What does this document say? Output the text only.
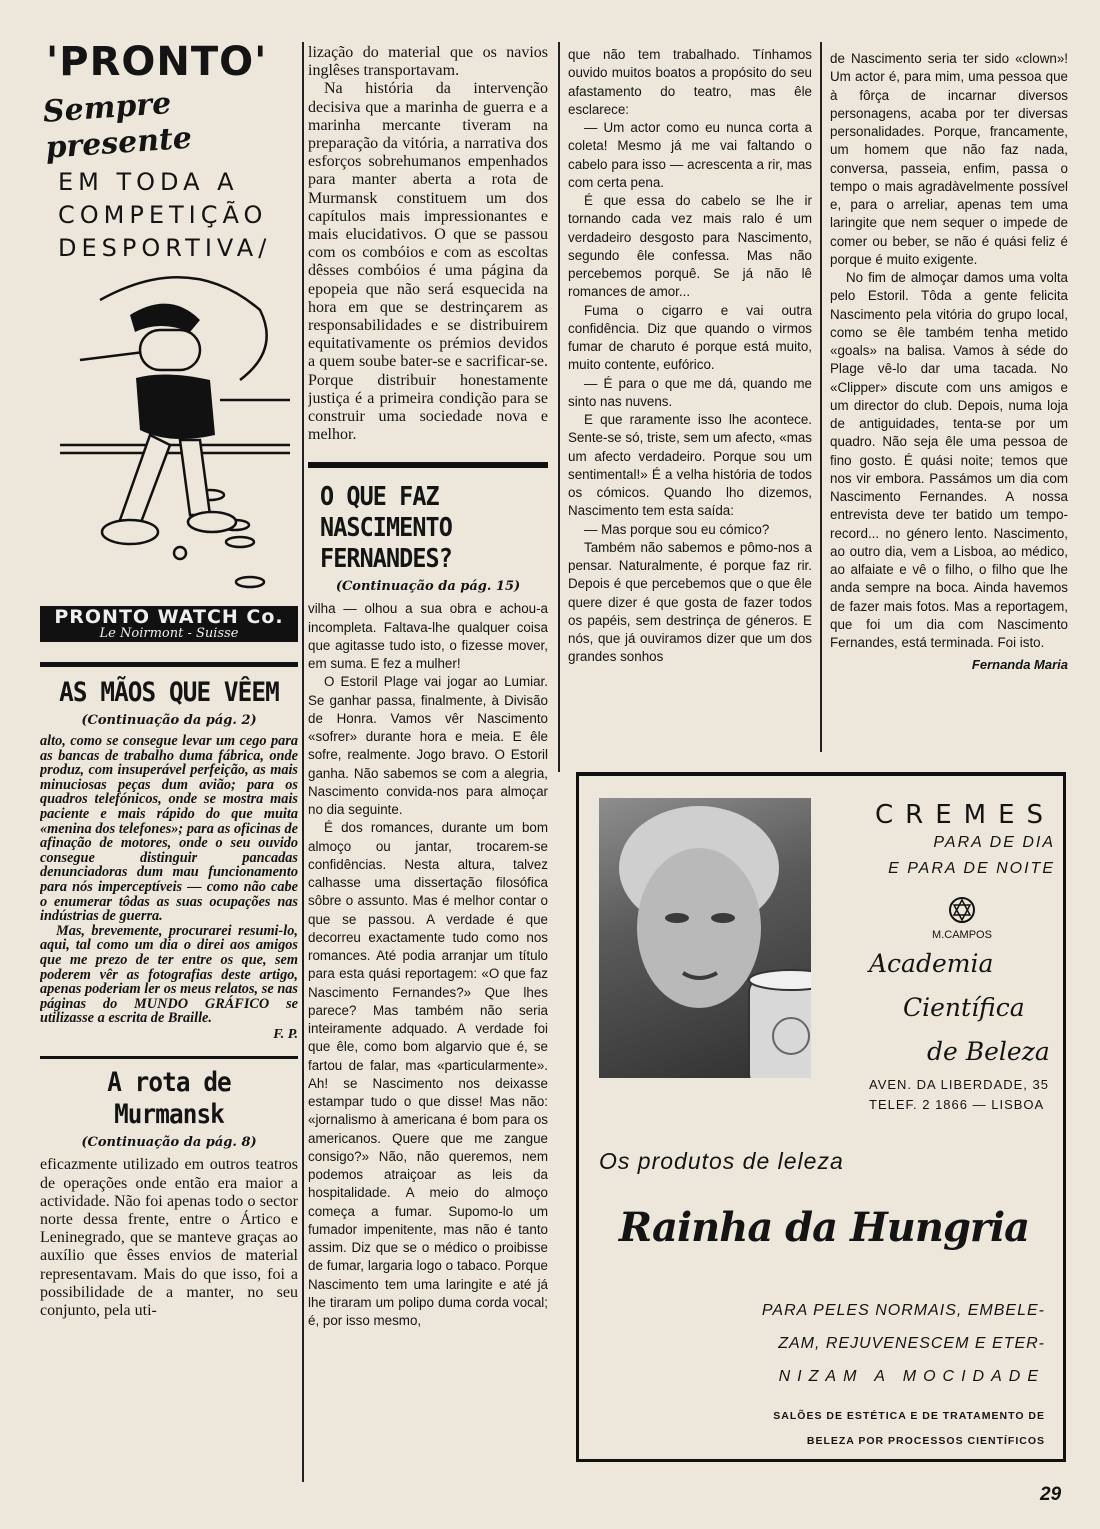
'PRONTO'
Sempre presente
EM TODA A
COMPETIÇÃO
DESPORTIVA/
PRONTO WATCH Co.
Le Noirmont - Suisse
AS MÃOS QUE VÊEM
(Continuação da pág. 2)

alto, como se consegue levar um cego para as bancas de trabalho duma fábrica, onde produz, com insuperável perfeição, as mais minuciosas peças dum avião; para os quadros telefónicos, onde se mostra mais paciente e mais rápido do que muita «menina dos telefones»; para as oficinas de afinação de motores, onde o seu ouvido consegue distinguir pancadas denunciadoras dum mau funcionamento para nós imperceptíveis — como não cabe o enumerar tôdas as suas ocupações nas indústrias de guerra.

Mas, brevemente, procurarei resumi-lo, aqui, tal como um dia o direi aos amigos que me prezo de ter entre os que, sem poderem vêr as fotografias deste artigo, apenas poderiam ler os meus relatos, se nas páginas do MUNDO GRÁFICO se utilizasse a escrita de Braille.

F. P.
A rota de Murmansk
(Continuação da pág. 8)

eficazmente utilizado em outros teatros de operações onde então era maior a actividade. Não foi apenas todo o sector norte dessa frente, entre o Ártico e Leninegrado, que se manteve graças ao auxílio que êsses envios de material representavam. Mais do que isso, foi a possibilidade de a manter, no seu conjunto, pela uti-

lização do material que os navios inglêses transportavam.

Na história da intervenção decisiva que a marinha de guerra e a marinha mercante tiveram na preparação da vitória, a narrativa dos esforços sobrehumanos empenhados para manter aberta a rota de Murmansk constituem um dos capítulos mais impressionantes e mais elucidativos. O que se passou com os combóios e com as escoltas dêsses combóios é uma página da epopeia que não será esquecida na hora em que se destrinçarem as responsabilidades e se distribuirem equitativamente os prémios devidos a quem soube bater-se e sacrificar-se. Porque distribuir honestamente justiça é a primeira condição para se construir uma sociedade nova e melhor.

O QUE FAZ NASCIMENTO FERNANDES?
(Continuação da pág. 15)

vilha — olhou a sua obra e achou-a incompleta. Faltava-lhe qualquer coisa que agitasse tudo isto, o fizesse mover, em suma. E fez a mulher!

O Estoril Plage vai jogar ao Lumiar. Se ganhar passa, finalmente, à Divisão de Honra. Vamos vêr Nascimento «sofrer» durante hora e meia. E êle sofre, realmente. Jogo bravo. O Estoril ganha. Não sabemos se com a alegria, Nascimento convida-nos para almoçar no dia seguinte.

É dos romances, durante um bom almoço ou jantar, trocarem-se confidências. Nesta altura, talvez calhasse uma dissertação filosófica sôbre o assunto. Mas é melhor contar o que se passou. A verdade é que decorreu exactamente tudo como nos romances. Até podia arranjar um título para esta quási reportagem: «O que faz Nascimento Fernandes?» Que lhes parece? Mas também não seria inteiramente adquado. A verdade foi que êle, como bom algarvio que é, se fartou de falar, mas «particularmente». Ah! se Nascimento nos deixasse estampar tudo o que disse! Mas não: «jornalismo à americana é bom para os americanos. Quere que me zangue consigo?» Não, não queremos, nem podemos atraiçoar as leis da hospitalidade. A meio do almoço começa a fumar. Supomo-lo um fumador impenitente, mas não é tanto assim. Diz que se o médico o proibisse de fumar, largaria logo o tabaco. Porque Nascimento tem uma laringite e até já lhe tiraram um polipo duma corda vocal; é, por isso mesmo,

que não tem trabalhado. Tínhamos ouvido muitos boatos a propósito do seu afastamento do teatro, mas êle esclarece:

— Um actor como eu nunca corta a coleta! Mesmo já me vai faltando o cabelo para isso — acrescenta a rir, mas com certa pena.

É que essa do cabelo se lhe ir tornando cada vez mais ralo é um verdadeiro desgosto para Nascimento, segundo êle confessa. Mas não percebemos porquê. Se já não lê romances de amor...

Fuma o cigarro e vai outra confidência. Diz que quando o virmos fumar de charuto é porque está muito, muito contente, eufórico.

— É para o que me dá, quando me sinto nas nuvens.

E que raramente isso lhe acontece. Sente-se só, triste, sem um afecto, «mas um afecto verdadeiro. Porque sou um sentimental!» É a velha história de todos os cómicos. Quando lho dizemos, Nascimento tem esta saída:

— Mas porque sou eu cómico?

Também não sabemos e pômo-nos a pensar. Naturalmente, é porque faz rir. Depois é que percebemos que o que êle quere dizer é que gosta de fazer todos os papéis, sem destrinça de géneros. E nós, que já ouviramos dizer que um dos grandes sonhos

de Nascimento seria ter sido «clown»! Um actor é, para mim, uma pessoa que à fôrça de incarnar diversos personagens, acaba por ter diversas personalidades. Porque, francamente, um homem que não faz nada, conversa, passeia, enfim, passa o tempo o mais agradàvelmente possível e, para o arreliar, apenas tem uma laringite que nem sequer o impede de comer ou beber, se não é quási feliz é porque é muito exigente.

No fim de almoçar damos uma volta pelo Estoril. Tôda a gente felicita Nascimento pela vitória do grupo local, como se êle também tenha metido «goals» na balisa. Vamos à séde do Plage vê-lo dar uma tacada. No «Clipper» discute com uns amigos e um director do club. Depois, numa loja de antiguidades, tenta-se por um quadro. Não seja êle uma pessoa de fino gosto. É quási noite; temos que nos vir embora. Passámos um dia com Nascimento Fernandes. A nossa entrevista deve ter batido um tempo-record... no género lento. Nascimento, ao outro dia, vem a Lisboa, ao médico, ao alfaiate e vê o filho, o filho que lhe anda sempre na boca. Ainda havemos de fazer mais fotos. Mas a reportagem, que foi um dia com Nascimento Fernandes, está terminada. Foi isto.

Fernanda Maria
CREMES
PARA DE DIA
E PARA DE NOITE
M.CAMPOS
Academia
Científica
de Beleza
AVEN. DA LIBERDADE, 35
TELEF. 2 1866 — LISBOA
Os produtos de leleza
Rainha da Hungria
PARA PELES NORMAIS, EMBELE-
ZAM, REJUVENESCEM E ETER-
NIZAM A MOCIDADE
SALÕES DE ESTÉTICA E DE TRATAMENTO DE
BELEZA POR PROCESSOS CIENTÍFICOS
29
